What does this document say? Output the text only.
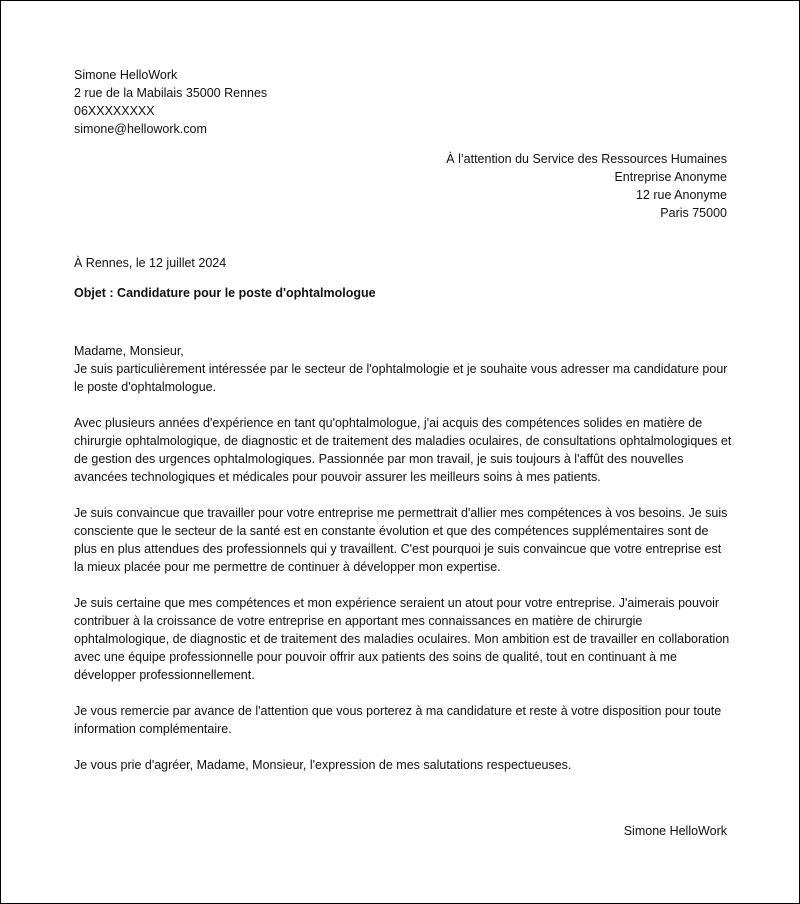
Simone HelloWork
2 rue de la Mabilais 35000 Rennes
06XXXXXXXX
simone@hellowork.com
À l’attention du Service des Ressources Humaines
Entreprise Anonyme
12 rue Anonyme
Paris 75000
À Rennes, le 12 juillet 2024
Objet : Candidature pour le poste d'ophtalmologue

Madame, Monsieur,

Je suis particulièrement intéressée par le secteur de l'ophtalmologie et je souhaite vous adresser ma candidature pour le poste d'ophtalmologue.

Avec plusieurs années d'expérience en tant qu'ophtalmologue, j'ai acquis des compétences solides en matière de chirurgie ophtalmologique, de diagnostic et de traitement des maladies oculaires, de consultations ophtalmologiques et de gestion des urgences ophtalmologiques. Passionnée par mon travail, je suis toujours à l'affût des nouvelles avancées technologiques et médicales pour pouvoir assurer les meilleurs soins à mes patients.

Je suis convaincue que travailler pour votre entreprise me permettrait d'allier mes compétences à vos besoins. Je suis consciente que le secteur de la santé est en constante évolution et que des compétences supplémentaires sont de plus en plus attendues des professionnels qui y travaillent. C'est pourquoi je suis convaincue que votre entreprise est la mieux placée pour me permettre de continuer à développer mon expertise.

Je suis certaine que mes compétences et mon expérience seraient un atout pour votre entreprise. J'aimerais pouvoir contribuer à la croissance de votre entreprise en apportant mes connaissances en matière de chirurgie ophtalmologique, de diagnostic et de traitement des maladies oculaires. Mon ambition est de travailler en collaboration avec une équipe professionnelle pour pouvoir offrir aux patients des soins de qualité, tout en continuant à me développer professionnellement.

Je vous remercie par avance de l'attention que vous porterez à ma candidature et reste à votre disposition pour toute information complémentaire.

Je vous prie d'agréer, Madame, Monsieur, l'expression de mes salutations respectueuses.

Simone HelloWork
